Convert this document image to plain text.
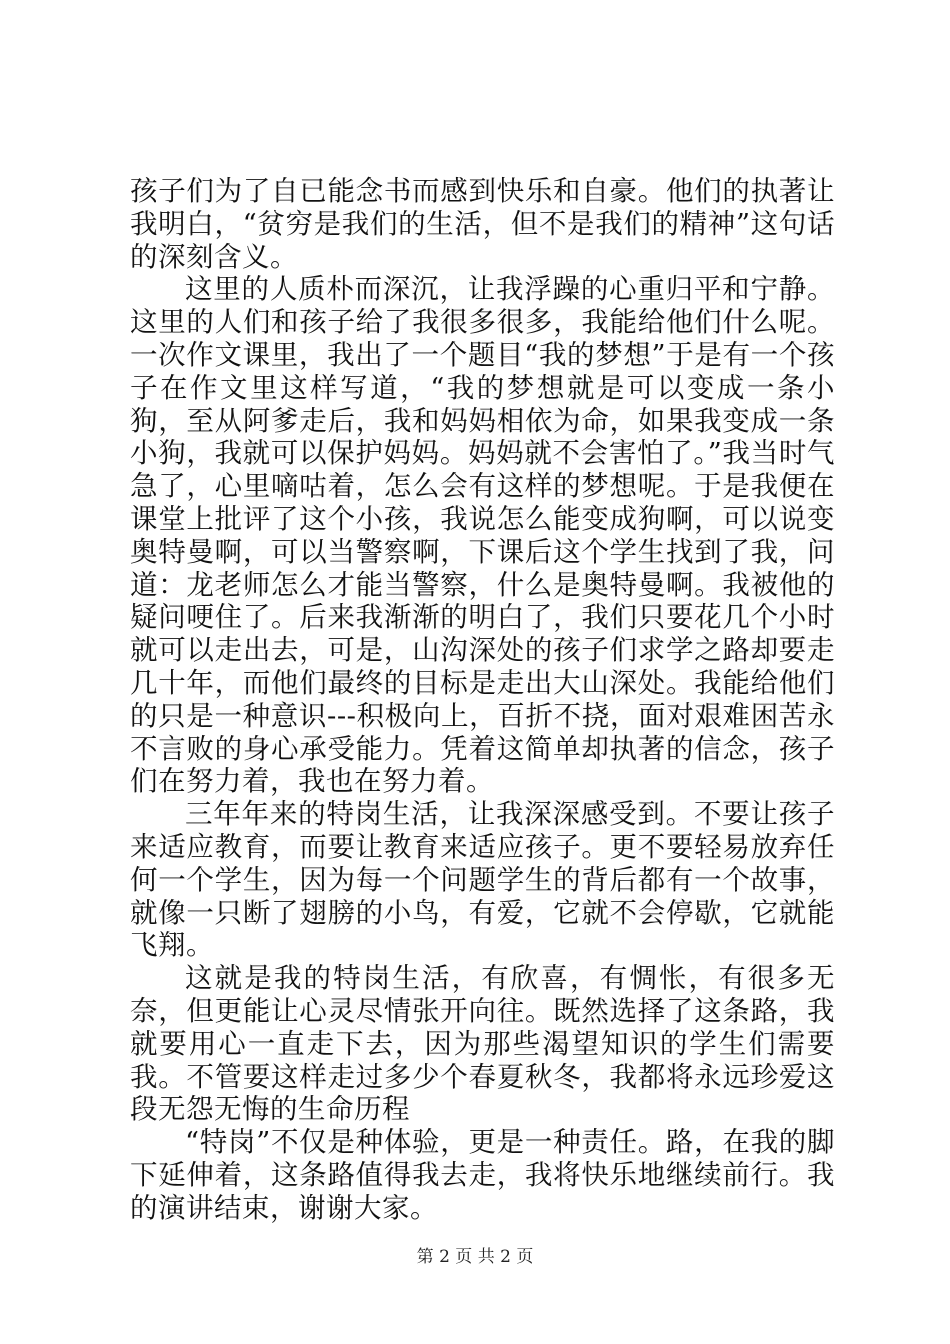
孩子们为了自已能念书而感到快乐和自豪。他们的执著让我明白，“贫穷是我们的生活，但不是我们的精神”这句话的深刻含义。

这里的人质朴而深沉，让我浮躁的心重归平和宁静。这里的人们和孩子给了我很多很多，我能给他们什么呢。一次作文课里，我出了一个题目“我的梦想”于是有一个孩子在作文里这样写道，“我的梦想就是可以变成一条小狗，至从阿爹走后，我和妈妈相依为命，如果我变成一条小狗，我就可以保护妈妈。妈妈就不会害怕了。”我当时气急了，心里嘀咕着，怎么会有这样的梦想呢。于是我便在课堂上批评了这个小孩，我说怎么能变成狗啊，可以说变奥特曼啊，可以当警察啊，下课后这个学生找到了我，问道：龙老师怎么才能当警察，什么是奥特曼啊。我被他的疑问哽住了。后来我渐渐的明白了，我们只要花几个小时就可以走出去，可是，山沟深处的孩子们求学之路却要走几十年，而他们最终的目标是走出大山深处。我能给他们的只是一种意识---积极向上，百折不挠，面对艰难困苦永不言败的身心承受能力。凭着这简单却执著的信念，孩子们在努力着，我也在努力着。

三年年来的特岗生活，让我深深感受到。不要让孩子来适应教育，而要让教育来适应孩子。更不要轻易放弃任何一个学生，因为每一个问题学生的背后都有一个故事，就像一只断了翅膀的小鸟，有爱，它就不会停歇，它就能飞翔。

这就是我的特岗生活，有欣喜，有惆怅，有很多无奈，但更能让心灵尽情张开向往。既然选择了这条路，我就要用心一直走下去，因为那些渴望知识的学生们需要我。不管要这样走过多少个春夏秋冬，我都将永远珍爱这段无怨无悔的生命历程

“特岗”不仅是种体验，更是一种责任。路，在我的脚下延伸着，这条路值得我去走，我将快乐地继续前行。我的演讲结束，谢谢大家。

第 2 页 共 2 页
